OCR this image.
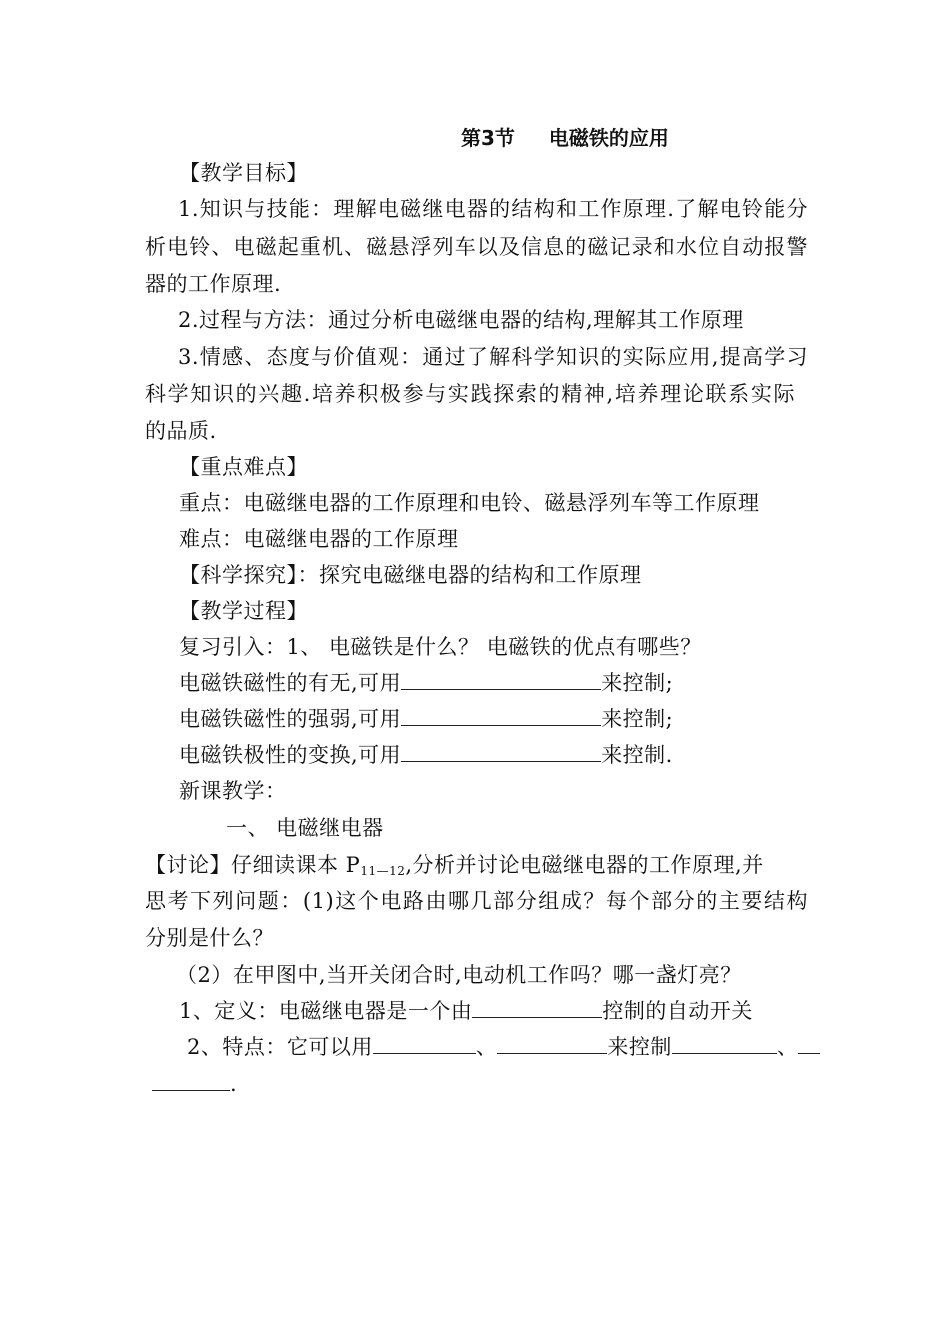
第3节 电磁铁的应用
【教学目标】
1.知识与技能：理解电磁继电器的结构和工作原理.了解电铃能分
析电铃、电磁起重机、磁悬浮列车以及信息的磁记录和水位自动报警
器的工作原理.
2.过程与方法：通过分析电磁继电器的结构,理解其工作原理
3.情感、态度与价值观：通过了解科学知识的实际应用,提高学习
科学知识的兴趣.培养积极参与实践探索的精神,培养理论联系实际
的品质.
【重点难点】
重点：电磁继电器的工作原理和电铃、磁悬浮列车等工作原理
难点：电磁继电器的工作原理
【科学探究】：探究电磁继电器的结构和工作原理
【教学过程】
复习引入：1、 电磁铁是什么？ 电磁铁的优点有哪些？
电磁铁磁性的有无,可用	来控制;
电磁铁磁性的强弱,可用	来控制;
电磁铁极性的变换,可用	来控制.
新课教学：
一、 电磁继电器
【讨论】仔细读课本 $P_{11—12}$,分析并讨论电磁继电器的工作原理,并
思考下列问题：(1)这个电路由哪几部分组成？每个部分的主要结构
分别是什么？
（2）在甲图中,当开关闭合时,电动机工作吗？哪一盏灯亮？
1、定义：电磁继电器是一个由	控制的自动开关
2、特点：它可以用	、	来控制	、
.
